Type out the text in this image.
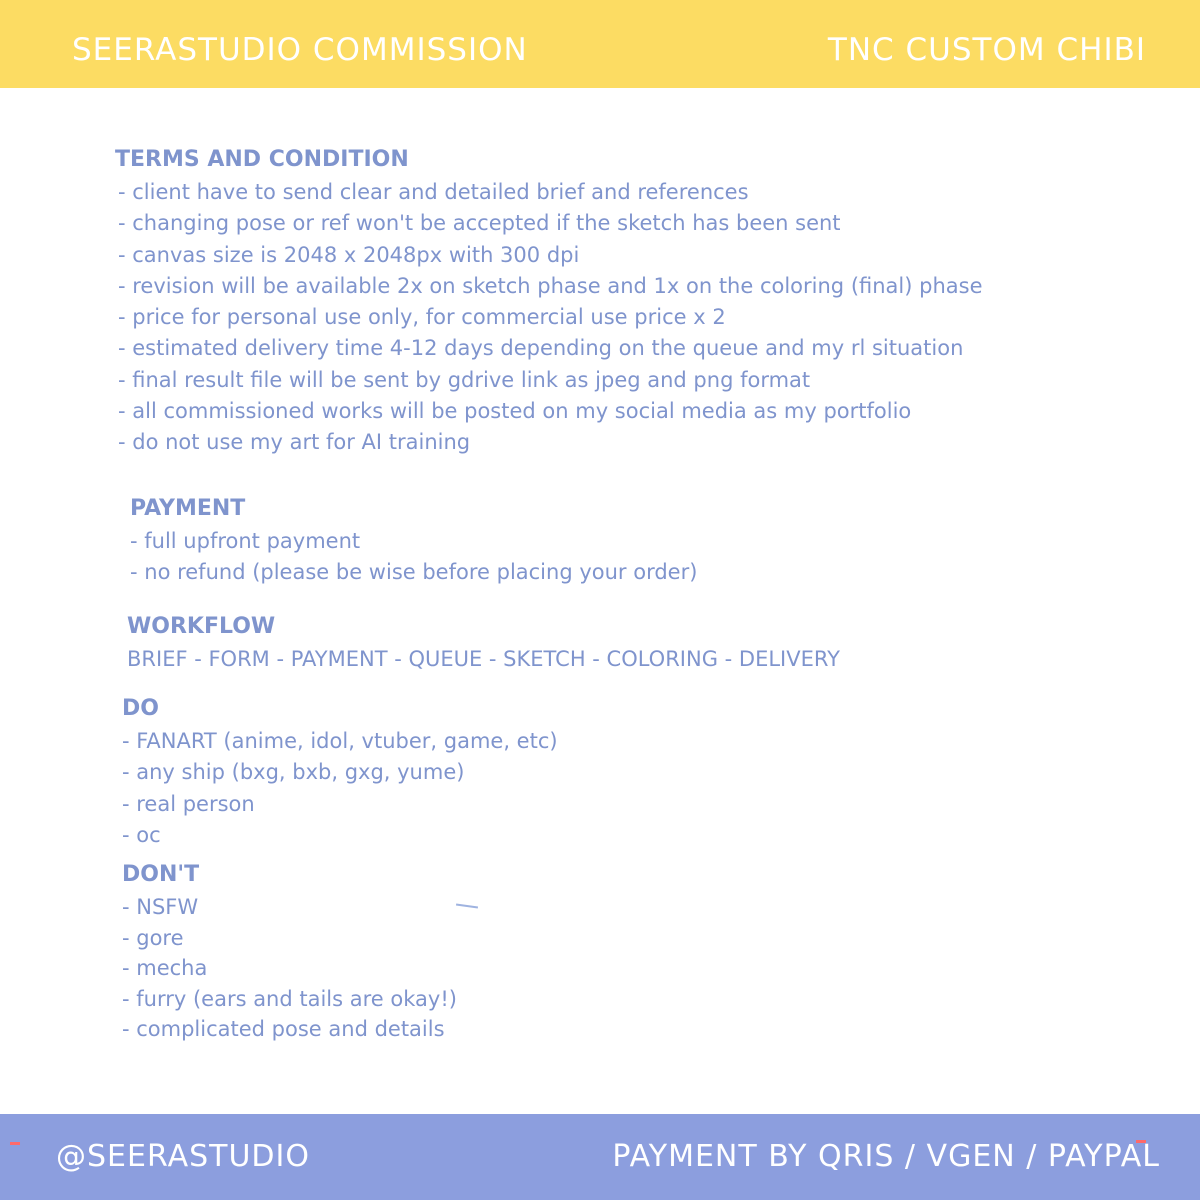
SEERASTUDIO COMMISSION	TNC CUSTOM CHIBI
TERMS AND CONDITION
- client have to send clear and detailed brief and references
- changing pose or ref won't be accepted if the sketch has been sent
- canvas size is 2048 x 2048px with 300 dpi
- revision will be available 2x on sketch phase and 1x on the coloring (final) phase
- price for personal use only, for commercial use price x 2
- estimated delivery time 4-12 days depending on the queue and my rl situation
- final result file will be sent by gdrive link as jpeg and png format
- all commissioned works will be posted on my social media as my portfolio
- do not use my art for AI training
PAYMENT
- full upfront payment
- no refund (please be wise before placing your order)
WORKFLOW
BRIEF - FORM - PAYMENT - QUEUE - SKETCH - COLORING - DELIVERY
DO
- FANART (anime, idol, vtuber, game, etc)
- any ship (bxg, bxb, gxg, yume)
- real person
- oc
DON'T
- NSFW
- gore
- mecha
- furry (ears and tails are okay!)
- complicated pose and details
@SEERASTUDIO	PAYMENT BY QRIS / VGEN / PAYPAL
